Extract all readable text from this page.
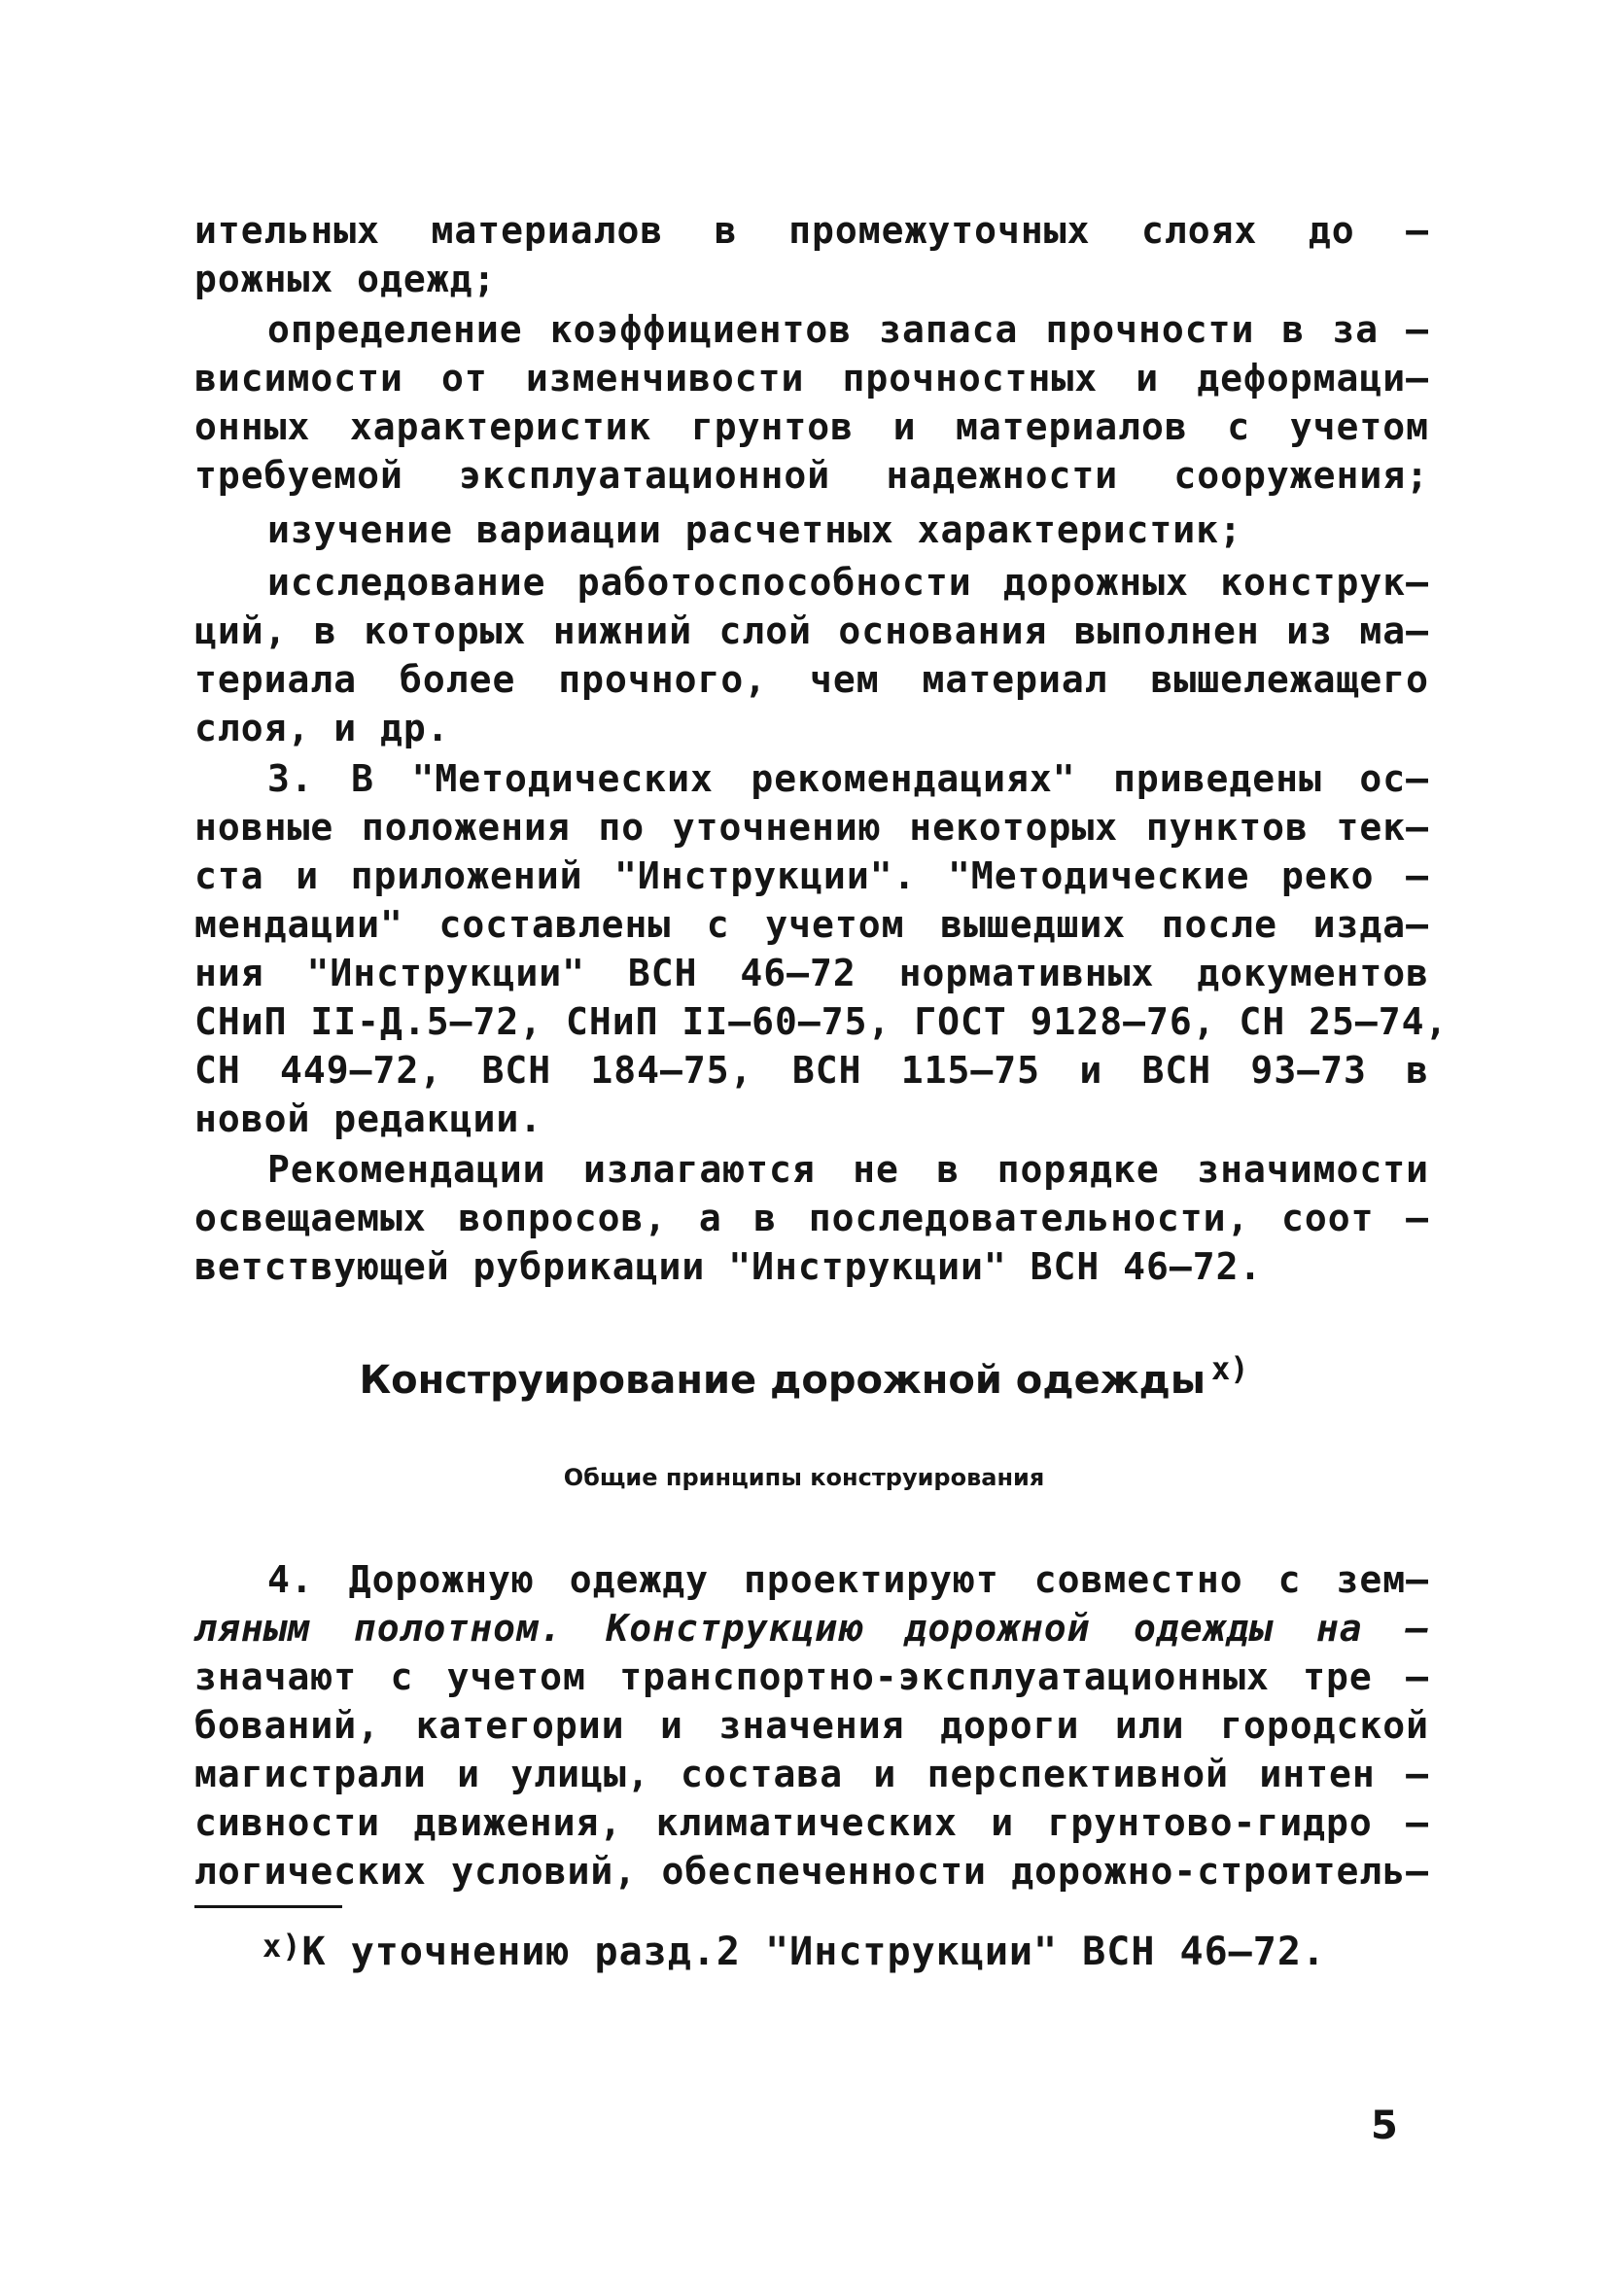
ительных материалов в промежуточных слоях до –
рожных одежд;
определение коэффициентов запаса прочности в за –
висимости от изменчивости прочностных и деформаци–
онных характеристик грунтов и материалов с учетом
требуемой эксплуатационной надежности сооружения;
изучение вариации расчетных характеристик;
исследование работоспособности дорожных конструк–
ций, в которых нижний слой основания выполнен из ма–
териала более прочного, чем материал вышележащего
слоя, и др.
3. В "Методических рекомендациях" приведены ос–
новные положения по уточнению некоторых пунктов тек–
ста и приложений "Инструкции". "Методические реко –
мендации" составлены с учетом вышедших после изда–
ния "Инструкции" ВСН 46–72 нормативных документов
СНиП II-Д.5–72, СНиП II–60–75, ГОСТ 9128–76, СН 25–74,
СН 449–72, ВСН 184–75, ВСН 115–75 и ВСН 93–73 в
новой редакции.
Рекомендации излагаются не в порядке значимости
освещаемых вопросов, а в последовательности, соот –
ветствующей рубрикации "Инструкции" ВСН 46–72.
Конструирование дорожной одежды $^{x)}$
Общие принципы конструирования
4. Дорожную одежду проектируют совместно с зем–
ляным полотном. Конструкцию дорожной одежды на –
значают с учетом транспортно-эксплуатационных тре –
бований, категории и значения дороги или городской
магистрали и улицы, состава и перспективной интен –
сивности движения, климатических и грунтово-гидро –
логических условий, обеспеченности дорожно-строитель–
$^{x)}$К уточнению разд.2 "Инструкции" ВСН 46–72.
5
